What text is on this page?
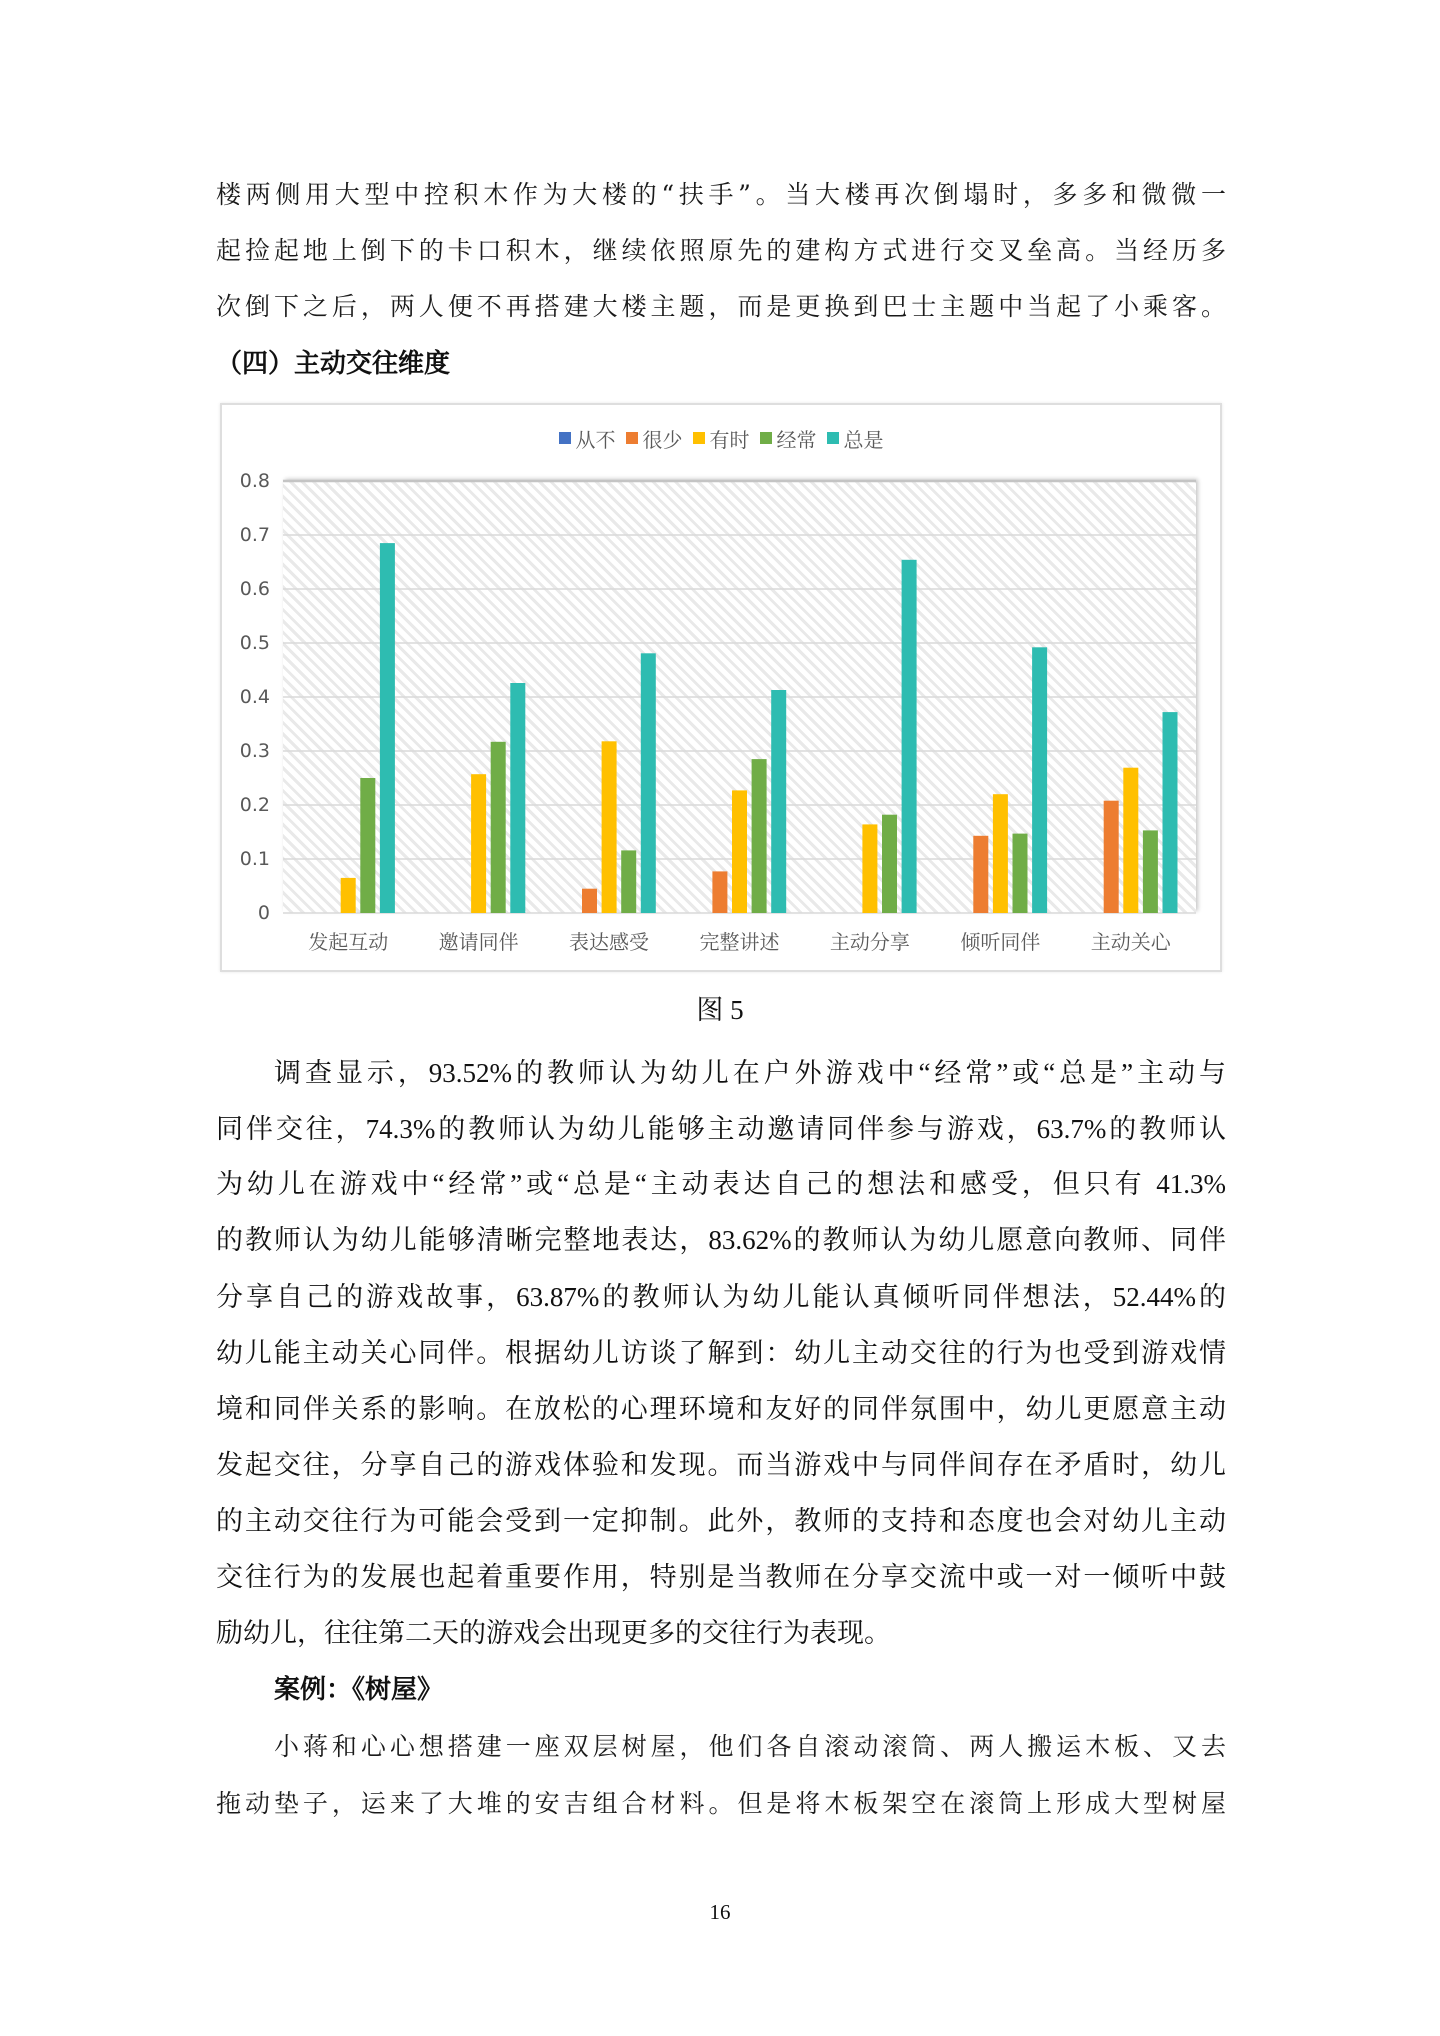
楼两侧用大型中控积木作为大楼的“扶手”。当大楼再次倒塌时，多多和微微一
起捡起地上倒下的卡口积木，继续依照原先的建构方式进行交叉垒高。当经历多
次倒下之后，两人便不再搭建大楼主题，而是更换到巴士主题中当起了小乘客。
（四）主动交往维度
从不 很少 有时 经常 总是
0
0.1
0.2
0.3
0.4
0.5
0.6
0.7
0.8
发起互动	邀请同伴	表达感受	完整讲述	主动分享	倾听同伴	主动关心
图 5
调查显示，93.52%的教师认为幼儿在户外游戏中“经常”或“总是”主动与
同伴交往，74.3%的教师认为幼儿能够主动邀请同伴参与游戏，63.7%的教师认
为幼儿在游戏中“经常”或“总是“主动表达自己的想法和感受，但只有 41.3%
的教师认为幼儿能够清晰完整地表达，83.62%的教师认为幼儿愿意向教师、同伴
分享自己的游戏故事，63.87%的教师认为幼儿能认真倾听同伴想法，52.44%的
幼儿能主动关心同伴。根据幼儿访谈了解到：幼儿主动交往的行为也受到游戏情
境和同伴关系的影响。在放松的心理环境和友好的同伴氛围中，幼儿更愿意主动
发起交往，分享自己的游戏体验和发现。而当游戏中与同伴间存在矛盾时，幼儿
的主动交往行为可能会受到一定抑制。此外，教师的支持和态度也会对幼儿主动
交往行为的发展也起着重要作用，特别是当教师在分享交流中或一对一倾听中鼓
励幼儿，往往第二天的游戏会出现更多的交往行为表现。
案例：《树屋》
小蒋和心心想搭建一座双层树屋，他们各自滚动滚筒、两人搬运木板、又去
拖动垫子，运来了大堆的安吉组合材料。但是将木板架空在滚筒上形成大型树屋
16
